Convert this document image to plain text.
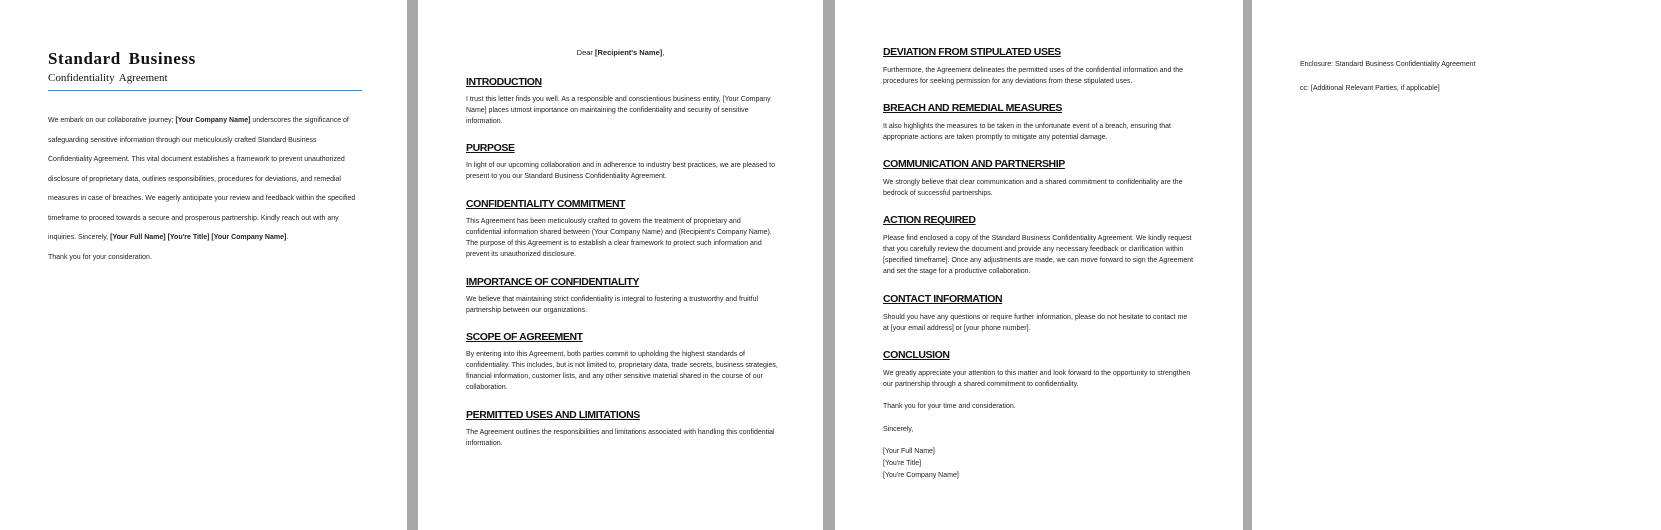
Standard Business
Confidentiality Agreement
We embark on our collaborative journey; [Your Company Name] underscores the significance of safeguarding sensitive information through our meticulously crafted Standard Business Confidentiality Agreement. This vital document establishes a framework to prevent unauthorized disclosure of proprietary data, outlines responsibilities, procedures for deviations, and remedial measures in case of breaches. We eagerly anticipate your review and feedback within the specified timeframe to proceed towards a secure and prosperous partnership. Kindly reach out with any inquiries. Sincerely, [Your Full Name] [You're Title] [Your Company Name].
Thank you for your consideration.
Dear [Recipient's Name],
INTRODUCTION
I trust this letter finds you well. As a responsible and conscientious business entity, [Your Company Name] places utmost importance on maintaining the confidentiality and security of sensitive information.
PURPOSE
In light of our upcoming collaboration and in adherence to industry best practices, we are pleased to present to you our Standard Business Confidentiality Agreement.
CONFIDENTIALITY COMMITMENT
This Agreement has been meticulously crafted to govern the treatment of proprietary and confidential information shared between (Your Company Name) and (Recipient's Company Name). The purpose of this Agreement is to establish a clear framework to protect such information and prevent its unauthorized disclosure.
IMPORTANCE OF CONFIDENTIALITY
We believe that maintaining strict confidentiality is integral to fostering a trustworthy and fruitful partnership between our organizations.
SCOPE OF AGREEMENT
By entering into this Agreement, both parties commit to upholding the highest standards of confidentiality. This includes, but is not limited to, proprietary data, trade secrets, business strategies, financial information, customer lists, and any other sensitive material shared in the course of our collaboration.
PERMITTED USES AND LIMITATIONS
The Agreement outlines the responsibilities and limitations associated with handling this confidential information.
DEVIATION FROM STIPULATED USES
Furthermore, the Agreement delineates the permitted uses of the confidential information and the procedures for seeking permission for any deviations from these stipulated uses.
BREACH AND REMEDIAL MEASURES
It also highlights the measures to be taken in the unfortunate event of a breach, ensuring that appropriate actions are taken promptly to mitigate any potential damage.
COMMUNICATION AND PARTNERSHIP
We strongly believe that clear communication and a shared commitment to confidentiality are the bedrock of successful partnerships.
ACTION REQUIRED
Please find enclosed a copy of the Standard Business Confidentiality Agreement. We kindly request that you carefully review the document and provide any necessary feedback or clarification within [specified timeframe]. Once any adjustments are made, we can move forward to sign the Agreement and set the stage for a productive collaboration.
CONTACT INFORMATION
Should you have any questions or require further information, please do not hesitate to contact me at [your email address] or [your phone number].
CONCLUSION
We greatly appreciate your attention to this matter and look forward to the opportunity to strengthen our partnership through a shared commitment to confidentiality.
Thank you for your time and consideration.
Sincerely,
[Your Full Name]
[You're Title]
[You're Company Name]
Enclosure: Standard Business Confidentiality Agreement
cc: [Additional Relevant Parties, if applicable]
